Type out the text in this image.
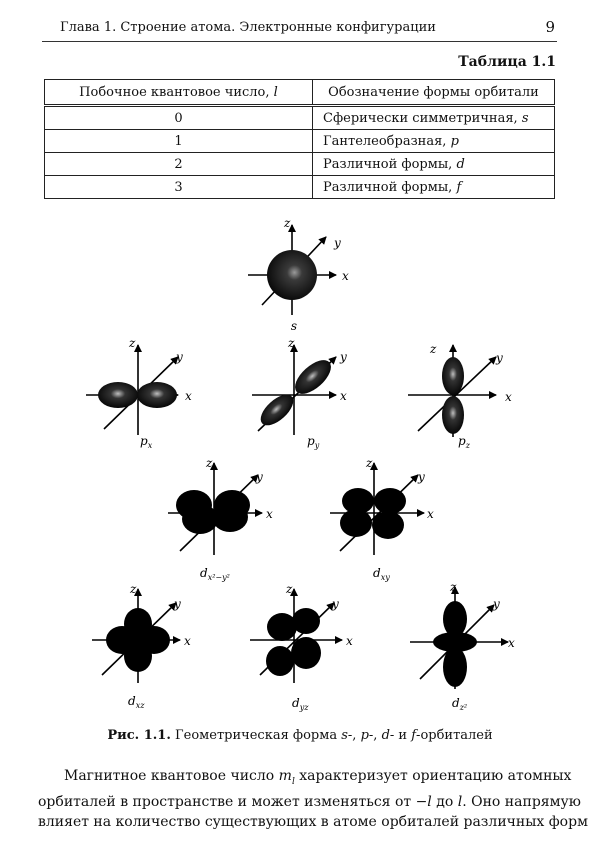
Глава 1. Строение атома. Электронные конфигурации	9
Таблица 1.1
Побочное квантовое число, l	Обозначение формы орбитали
0	Сферически симметричная, s
1	Гантелеобразная, p
2	Различной формы, d
3	Различной формы, f
z
y
x
s
z
y
x
$p_x$
z
y
x
$p_y$
z
y
x
$p_z$
z
y
x
$d_{x^2-y^2}$
z
y
x
$d_{xy}$
z
y
x
$d_{xz}$
z
y
x
$d_{yz}$
z
y
x
$d_{z^2}$
Рис. 1.1. Геометрическая форма s-, p-, d- и f-орбиталей
Магнитное квантовое число $m_l$ характеризует ориентацию атомных
орбиталей в пространстве и может изменяться от −l до l. Оно напрямую
влияет на количество существующих в атоме орбиталей различных форм
